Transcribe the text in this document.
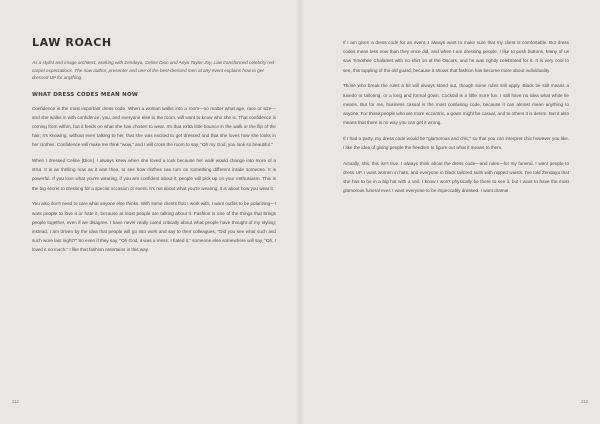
LAW ROACH

As a stylist and image architect, working with Zendaya, Celine Dion and Anya Taylor-Joy, Law transformed celebrity red-carpet expectations. The now author, presenter and one of the best-dressed men at any event explains how to get dressed UP for anything.

WHAT DRESS CODES MEAN NOW

Confidence is the most important dress code. When a woman walks into a room—no matter what age, race or size—and she walks in with confidence, you, and everyone else in the room, will want to know who she is. That confidence is coming from within, but it feeds on what she has chosen to wear. It's that extra little bounce in the walk or the flip of the hair; it's knowing, without even talking to her, that she was excited to get dressed and that she loves how she looks in her clothes. Confidence will make me think "wow," and I will cross the room to say, "Oh my God, you look so beautiful."

When I dressed Celine [Dion], I always knew when she loved a look because her walk would change into more of a strut. It is as thrilling now as it was then, to see how clothes can turn on something different inside someone. It is powerful. If you love what you're wearing, if you are confident about it, people will pick up on your enthusiasm. This is the big secret to dressing for a special occasion or event. It's not about what you're wearing, it is about how you wear it.

You also don't need to care what anyone else thinks. With some clients that I work with, I want outfits to be polarizing—I want people to love it or hate it, because at least people are talking about it. Fashion is one of the things that brings people together, even if we disagree. I have never really cared critically about what people have thought of my styling; instead, I am driven by the idea that people will go into work and say to their colleagues, "Did you see what such and such wore last night?" So even if they say, "Oh God, it was a mess. I hated it," someone else somewhere will say, "Oh, I loved it so much." I like that fashion entertains in this way.

212

If I am given a dress code for an event, I always want to make sure that my client is comfortable. But dress codes mean less now than they once did, and when I am dressing people, I like to push buttons. Many of us saw Timothée Chalamet with no shirt on at the Oscars, and he was rightly celebrated for it. It is very cool to see, this toppling of the old guard, because it shows that fashion has become more about individuality.

Those who break the rules a bit will always stand out, though some rules still apply. Black tie still means a tuxedo or tailoring, or a long and formal gown. Cocktail is a little more fun. I still have no idea what white tie means. But for me, business casual is the most confusing code, because it can almost mean anything to anyone. For those people who are more eccentric, a gown might be casual, and to others it is denim. But it also means that there is no way you can get it wrong.

If I had a party, my dress code would be "glamorous and chic," so that you can interpret chic however you like. I like the idea of giving people the freedom to figure out what it means to them.

Actually, shit, this isn't true. I always think about the dress code—and rules—for my funeral. I want people to dress UP. I want women in hats, and everyone in black tailored suits with nipped waists. I've told Zendaya that she has to be in a big hat with a veil. I know I won't physically be there to see it, but I want to have the most glamorous funeral ever. I want everyone to be impeccably dressed. I want drama!

213
